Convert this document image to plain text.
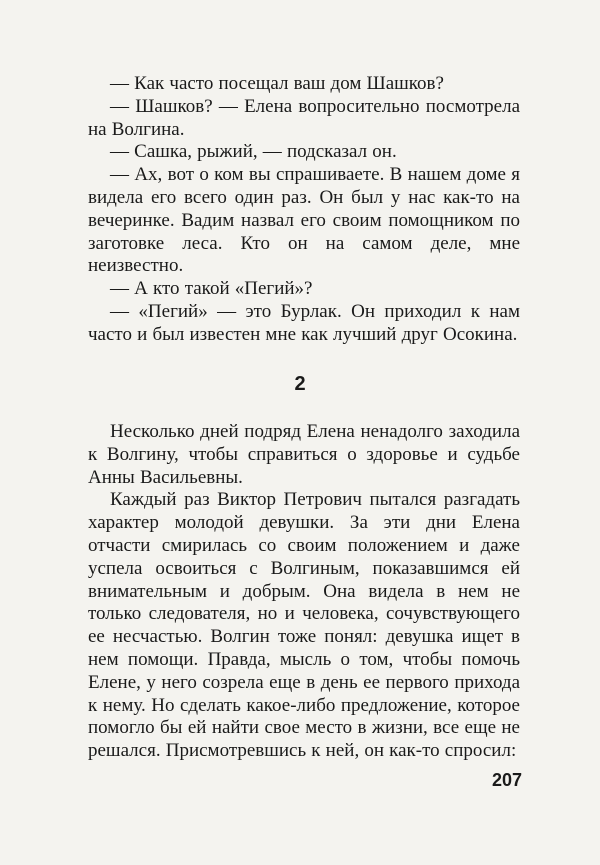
— Как часто посещал ваш дом Шашков?

— Шашков? — Елена вопросительно посмотрела на Волгина.

— Сашка, рыжий, — подсказал он.

— Ах, вот о ком вы спрашиваете. В нашем доме я видела его всего один раз. Он был у нас как-то на вечеринке. Вадим назвал его своим помощником по заготовке леса. Кто он на самом деле, мне неизвестно.

— А кто такой «Пегий»?

— «Пегий» — это Бурлак. Он приходил к нам часто и был известен мне как лучший друг Осокина.

2

Несколько дней подряд Елена ненадолго заходила к Волгину, чтобы справиться о здоровье и судьбе Анны Васильевны.

Каждый раз Виктор Петрович пытался разгадать характер молодой девушки. За эти дни Елена отчасти смирилась со своим положением и даже успела освоиться с Волгиным, показавшимся ей внимательным и добрым. Она видела в нем не только следователя, но и человека, сочувствующего ее несчастью. Волгин тоже понял: девушка ищет в нем помощи. Правда, мысль о том, чтобы помочь Елене, у него созрела еще в день ее первого прихода к нему. Но сделать какое-либо предложение, которое помогло бы ей найти свое место в жизни, все еще не решался. Присмотревшись к ней, он как-то спросил:

207
